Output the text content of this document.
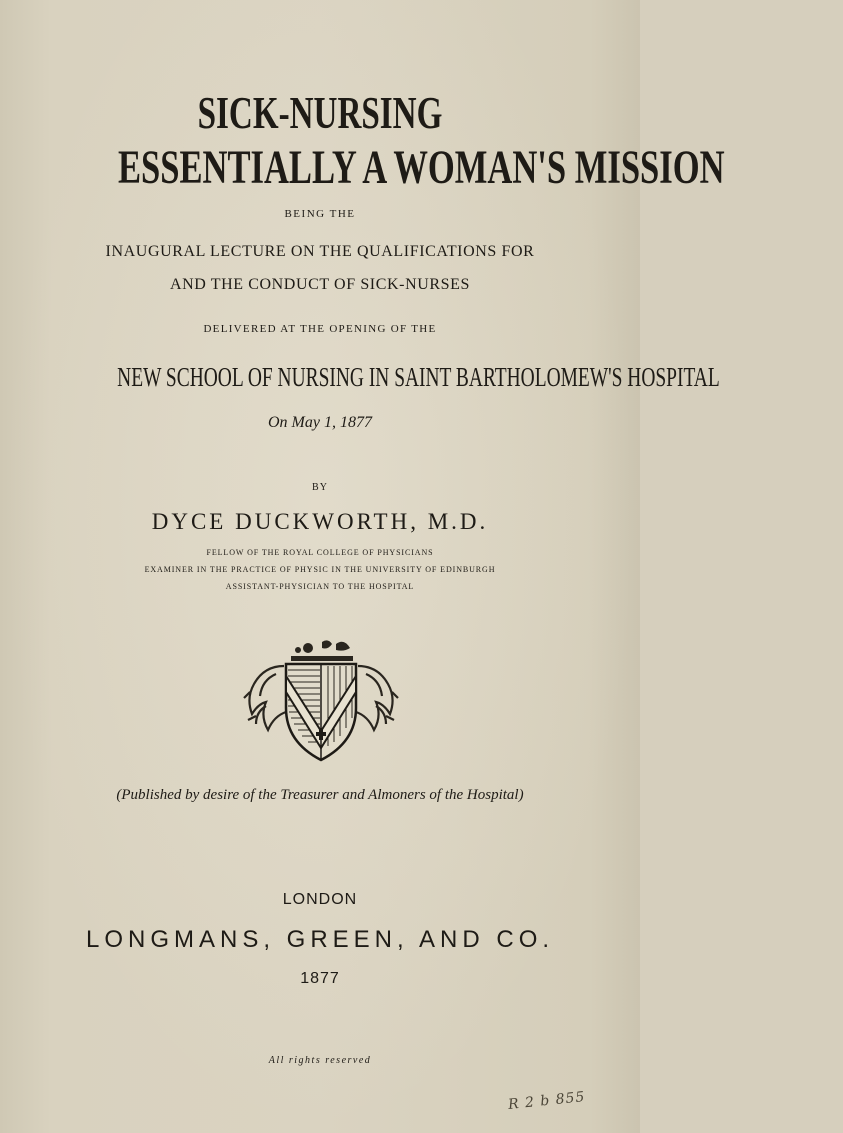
SICK-NURSING
ESSENTIALLY A WOMAN'S MISSION
BEING THE
INAUGURAL LECTURE ON THE QUALIFICATIONS FOR
AND THE CONDUCT OF SICK-NURSES
DELIVERED AT THE OPENING OF THE
NEW SCHOOL OF NURSING IN SAINT BARTHOLOMEW'S HOSPITAL
On May 1, 1877
BY
DYCE DUCKWORTH, M.D.
FELLOW OF THE ROYAL COLLEGE OF PHYSICIANS
EXAMINER IN THE PRACTICE OF PHYSIC IN THE UNIVERSITY OF EDINBURGH
ASSISTANT-PHYSICIAN TO THE HOSPITAL
(Published by desire of the Treasurer and Almoners of the Hospital)
LONDON
LONGMANS, GREEN, AND CO.
1877
All rights reserved
R 2 b 855
